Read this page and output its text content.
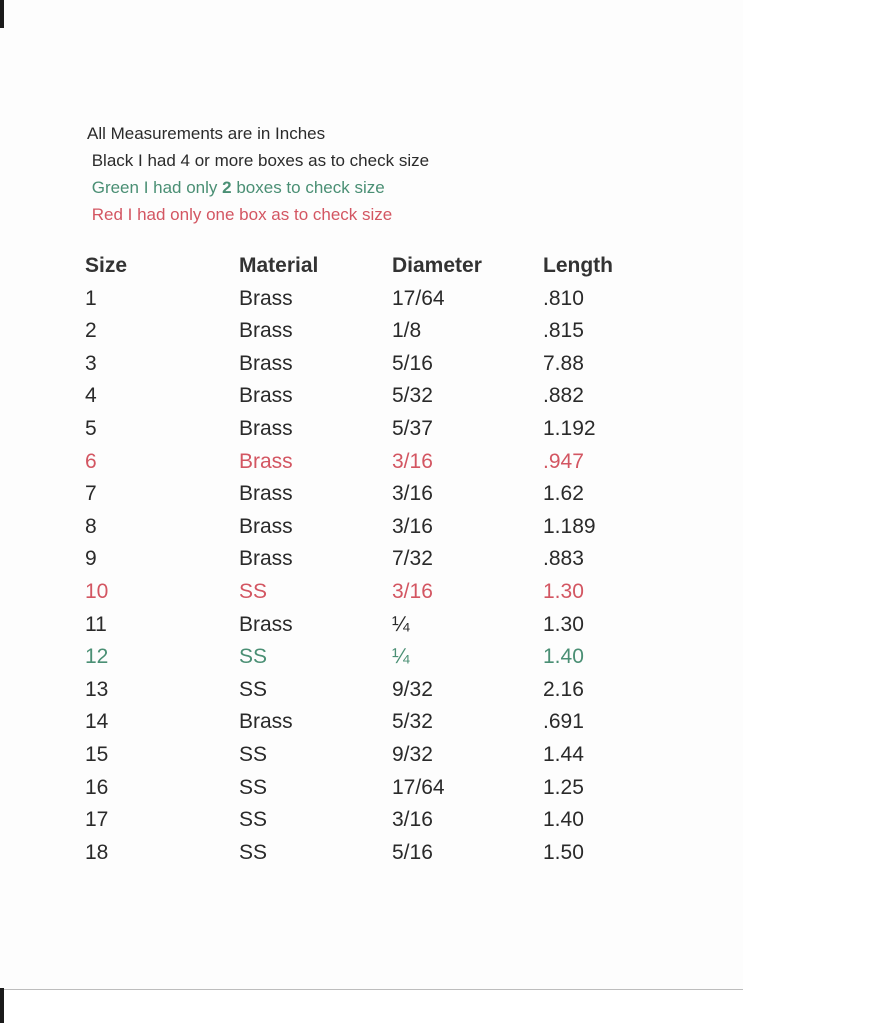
All Measurements are in Inches
Black I had 4 or more boxes as to check size
Green I had only 2 boxes to check size
Red I had only one box as to check size
Size	Material	Diameter	Length
1	Brass	17/64	.810
2	Brass	1/8	.815
3	Brass	5/16	7.88
4	Brass	5/32	.882
5	Brass	5/37	1.192
6	Brass	3/16	.947
7	Brass	3/16	1.62
8	Brass	3/16	1.189
9	Brass	7/32	.883
10	SS	3/16	1.30
11	Brass	¼	1.30
12	SS	¼	1.40
13	SS	9/32	2.16
14	Brass	5/32	.691
15	SS	9/32	1.44
16	SS	17/64	1.25
17	SS	3/16	1.40
18	SS	5/16	1.50
